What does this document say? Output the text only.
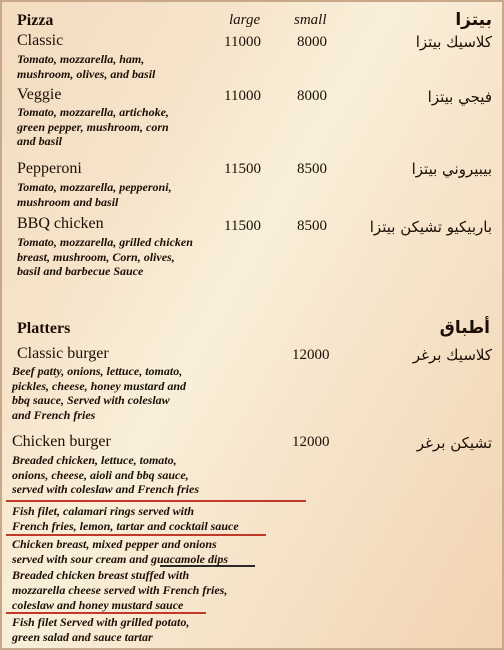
Pizza	large small	بيتزا
Classic	11000 8000	كلاسيك بيتزا
Tomato, mozzarella, ham,
mushroom, olives, and basil
Veggie	11000 8000	فيجي بيتزا
Tomato, mozzarella, artichoke,
green pepper, mushroom, corn
and basil
Pepperoni	11500 8500	بيبيروني بيتزا
Tomato, mozzarella, pepperoni,
mushroom and basil
BBQ chicken	11500 8500	باربيكيو تشيكن بيتزا
Tomato, mozzarella, grilled chicken
breast, mushroom, Corn, olives,
basil and barbecue Sauce
Platters	أطباق
Classic burger	12000	كلاسيك برغر
Beef patty, onions, lettuce, tomato,
pickles, cheese, honey mustard and
bbq sauce, Served with coleslaw
and French fries
Chicken burger	12000	تشيكن برغر
Breaded chicken, lettuce, tomato,
onions, cheese, aioli and bbq sauce,
served with coleslaw and French fries
Fish filet, calamari rings served with
French fries, lemon, tartar and cocktail sauce
Chicken breast, mixed pepper and onions
served with sour cream and guacamole dips
Breaded chicken breast stuffed with
mozzarella cheese served with French fries,
coleslaw and honey mustard sauce
Fish filet Served with grilled potato,
green salad and sauce tartar
